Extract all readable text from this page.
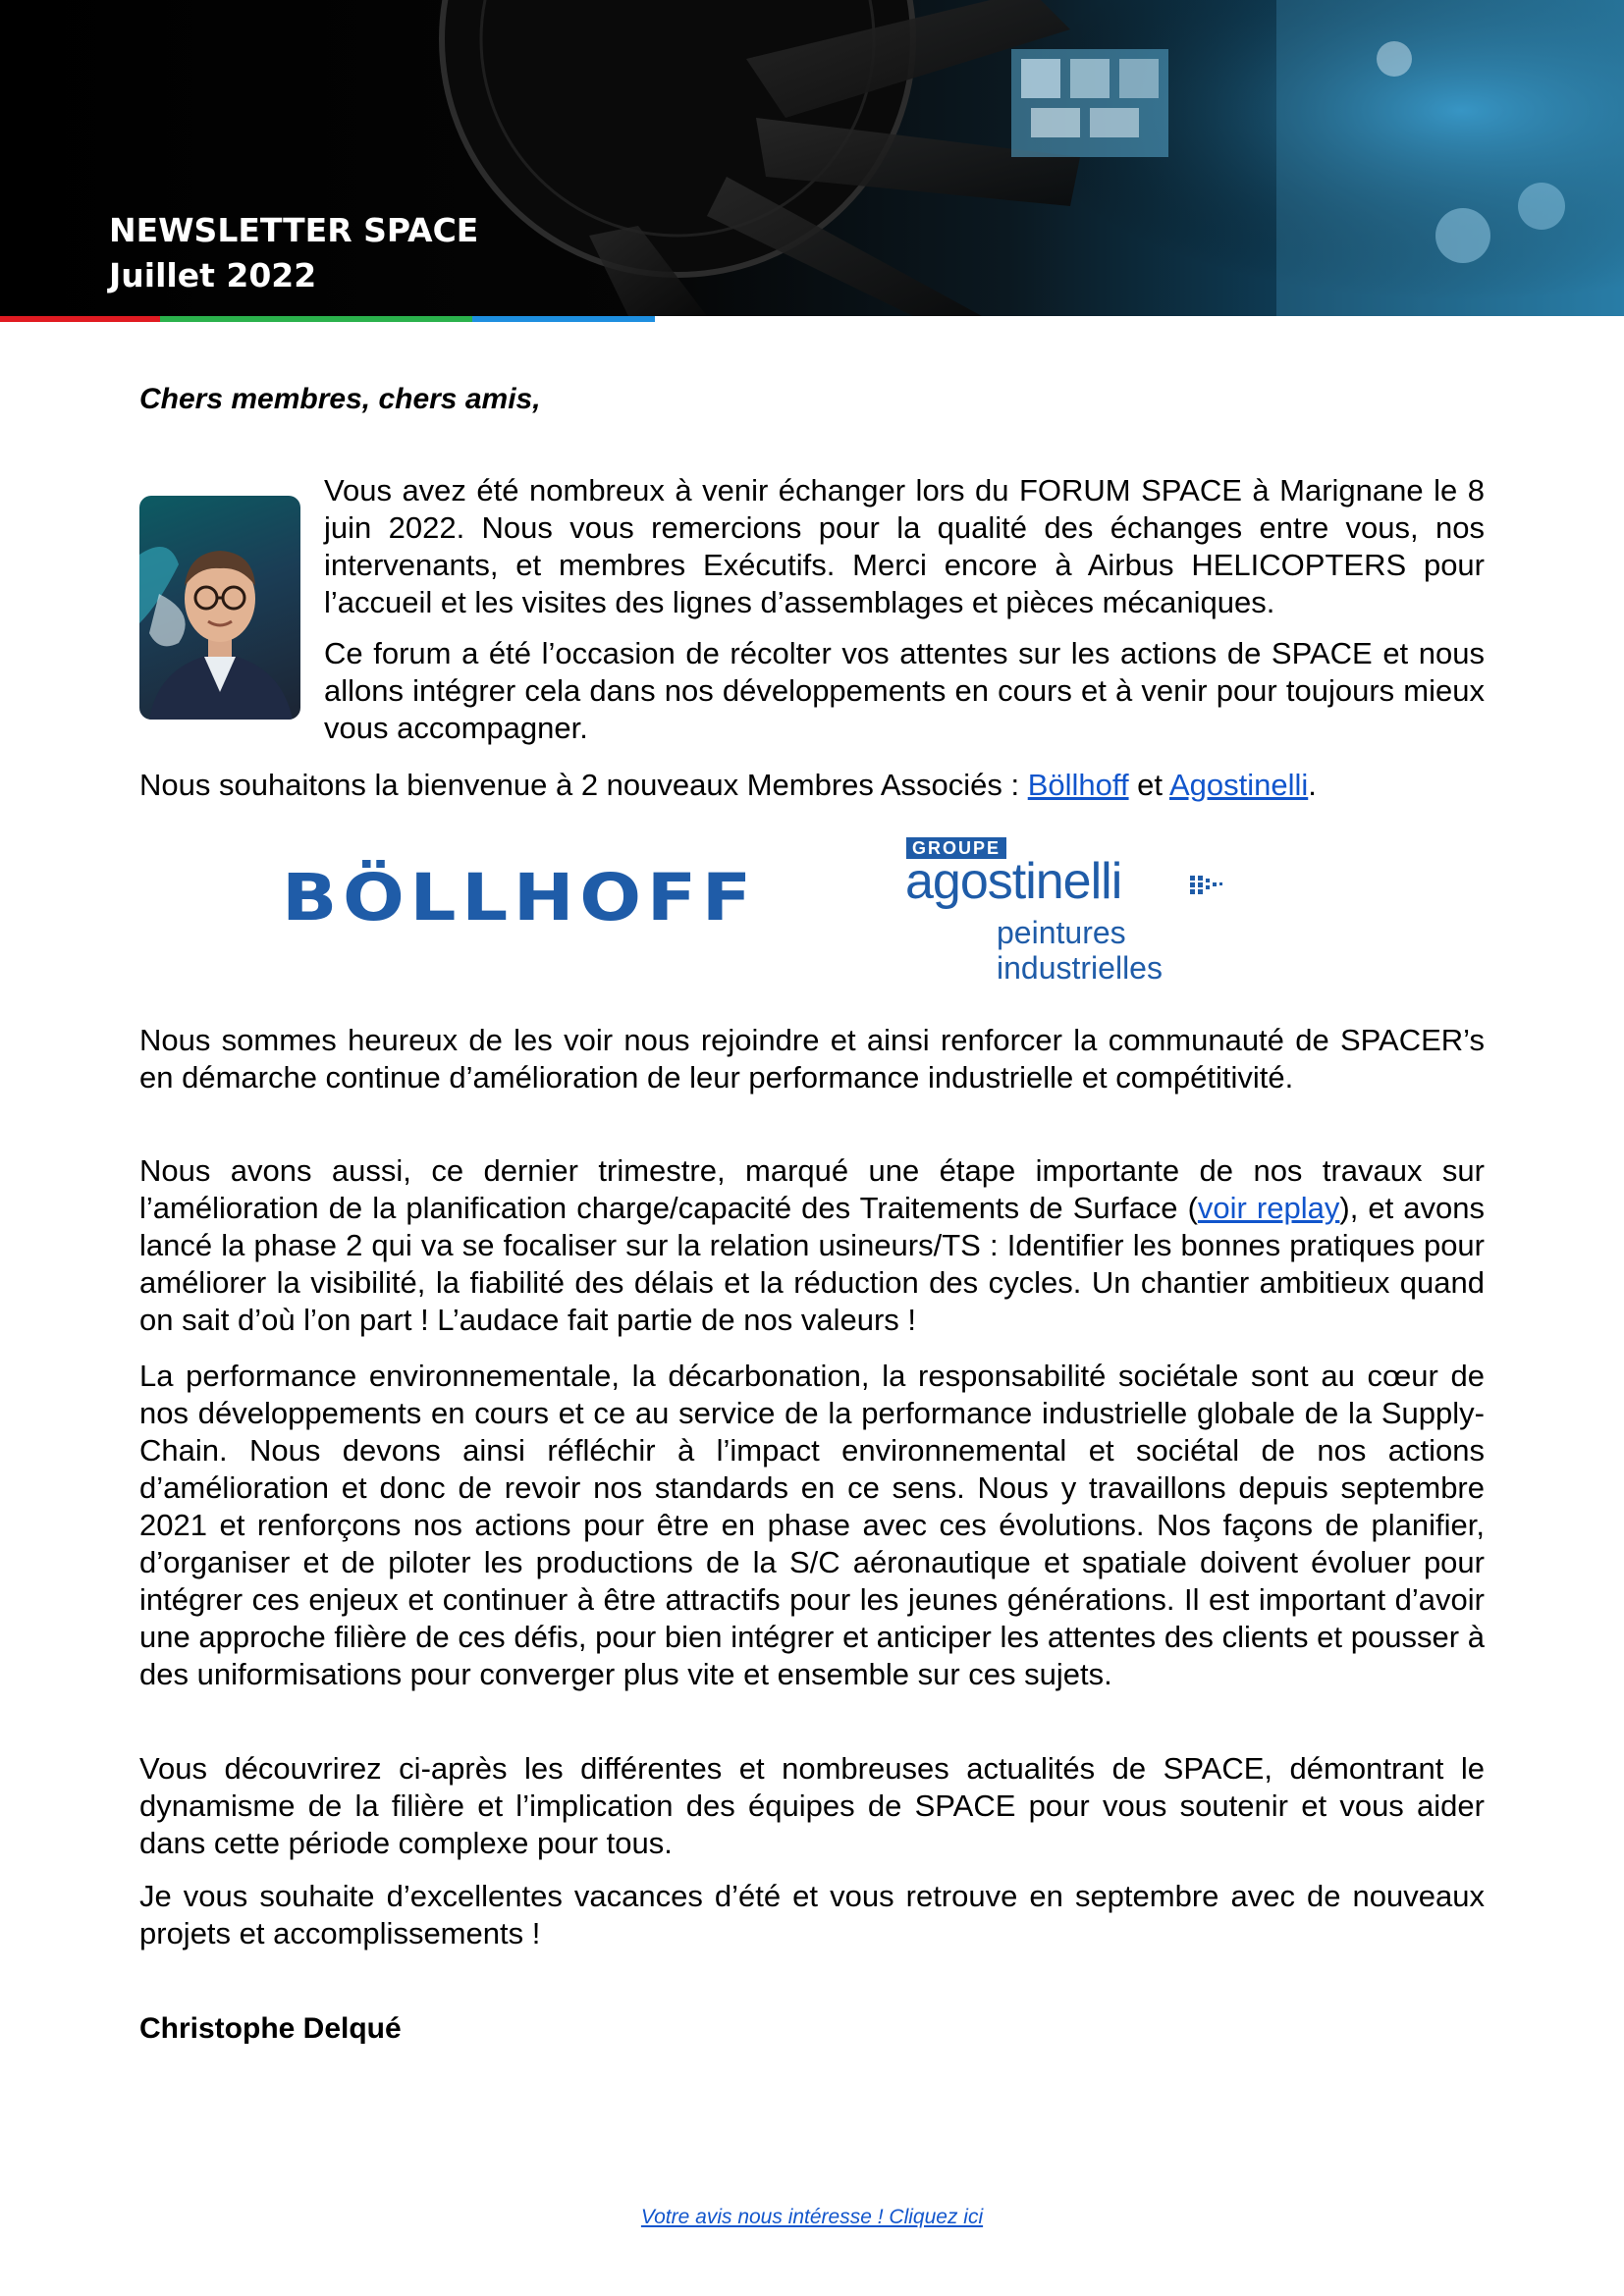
NEWSLETTER SPACE
Juillet 2022
Chers membres, chers amis,
Vous avez été nombreux à venir échanger lors du FORUM SPACE à Marignane le 8 juin 2022. Nous vous remercions pour la qualité des échanges entre vous, nos intervenants, et membres Exécutifs. Merci encore à Airbus HELICOPTERS pour l’accueil et les visites des lignes d’assemblages et pièces mécaniques.
Ce forum a été l’occasion de récolter vos attentes sur les actions de SPACE et nous allons intégrer cela dans nos développements en cours et à venir pour toujours mieux vous accompagner.
Nous souhaitons la bienvenue à 2 nouveaux Membres Associés : Böllhoff et Agostinelli.
BÖLLHOFF
GROUPE
agostinelli
peintures industrielles
Nous sommes heureux de les voir nous rejoindre et ainsi renforcer la communauté de SPACER’s en démarche continue d’amélioration de leur performance industrielle et compétitivité.
Nous avons aussi, ce dernier trimestre, marqué une étape importante de nos travaux sur l’amélioration de la planification charge/capacité des Traitements de Surface (voir replay), et avons lancé la phase 2 qui va se focaliser sur la relation usineurs/TS : Identifier les bonnes pratiques pour améliorer la visibilité, la fiabilité des délais et la réduction des cycles. Un chantier ambitieux quand on sait d’où l’on part ! L’audace fait partie de nos valeurs !
La performance environnementale, la décarbonation, la responsabilité sociétale sont au cœur de nos développements en cours et ce au service de la performance industrielle globale de la Supply-Chain. Nous devons ainsi réfléchir à l’impact environnemental et sociétal de nos actions d’amélioration et donc de revoir nos standards en ce sens. Nous y travaillons depuis septembre 2021 et renforçons nos actions pour être en phase avec ces évolutions. Nos façons de planifier, d’organiser et de piloter les productions de la S/C aéronautique et spatiale doivent évoluer pour intégrer ces enjeux et continuer à être attractifs pour les jeunes générations. Il est important d’avoir une approche filière de ces défis, pour bien intégrer et anticiper les attentes des clients et pousser à des uniformisations pour converger plus vite et ensemble sur ces sujets.
Vous découvrirez ci-après les différentes et nombreuses actualités de SPACE, démontrant le dynamisme de la filière et l’implication des équipes de SPACE pour vous soutenir et vous aider dans cette période complexe pour tous.
Je vous souhaite d’excellentes vacances d’été et vous retrouve en septembre avec de nouveaux projets et accomplissements !
Christophe Delqué
Votre avis nous intéresse ! Cliquez ici
